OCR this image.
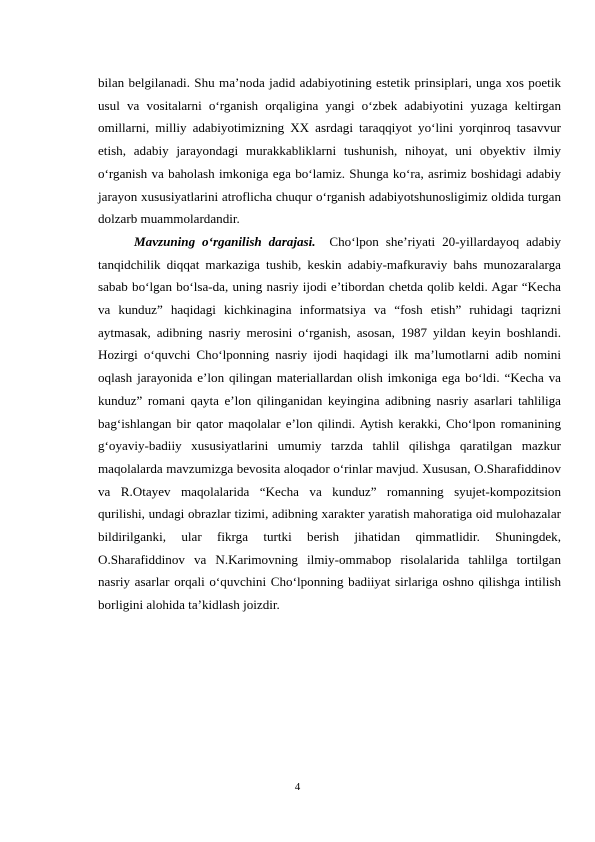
bilan belgilanadi. Shu ma’noda jadid adabiyotining estetik prinsiplari, unga xos poetik usul va vositalarni o‘rganish orqaligina yangi o‘zbek adabiyotini yuzaga keltirgan omillarni, milliy adabiyotimizning XX asrdagi taraqqiyot yo‘lini yorqinroq tasavvur etish, adabiy jarayondagi murakkabliklarni tushunish, nihoyat, uni obyektiv ilmiy o‘rganish va baholash imkoniga ega bo‘lamiz. Shunga ko‘ra, asrimiz boshidagi adabiy jarayon xususiyatlarini atroflicha chuqur o‘rganish adabiyotshunosligimiz oldida turgan dolzarb muammolardandir.

Mavzuning o‘rganilish darajasi. Cho‘lpon she’riyati 20-yillardayoq adabiy tanqidchilik diqqat markaziga tushib, keskin adabiy-mafkuraviy bahs munozaralarga sabab bo‘lgan bo‘lsa-da, uning nasriy ijodi e’tibordan chetda qolib keldi. Agar “Kecha va kunduz” haqidagi kichkinagina informatsiya va “fosh etish” ruhidagi taqrizni aytmasak, adibning nasriy merosini o‘rganish, asosan, 1987 yildan keyin boshlandi. Hozirgi o‘quvchi Cho‘lponning nasriy ijodi haqidagi ilk ma’lumotlarni adib nomini oqlash jarayonida e’lon qilingan materiallardan olish imkoniga ega bo‘ldi. “Kecha va kunduz” romani qayta e’lon qilinganidan keyingina adibning nasriy asarlari tahliliga bag‘ishlangan bir qator maqolalar e’lon qilindi. Aytish kerakki, Cho‘lpon romanining g‘oyaviy-badiiy xususiyatlarini umumiy tarzda tahlil qilishga qaratilgan mazkur maqolalarda mavzumizga bevosita aloqador o‘rinlar mavjud. Xususan, O.Sharafiddinov va R.Otayev maqolalarida “Kecha va kunduz” romanning syujet-kompozitsion qurilishi, undagi obrazlar tizimi, adibning xarakter yaratish mahoratiga oid mulohazalar bildirilganki, ular fikrga turtki berish jihatidan qimmatlidir. Shuningdek, O.Sharafiddinov va N.Karimovning ilmiy-ommabop risolalarida tahlilga tortilgan nasriy asarlar orqali o‘quvchini Cho‘lponning badiiyat sirlariga oshno qilishga intilish borligini alohida ta’kidlash joizdir.

4
